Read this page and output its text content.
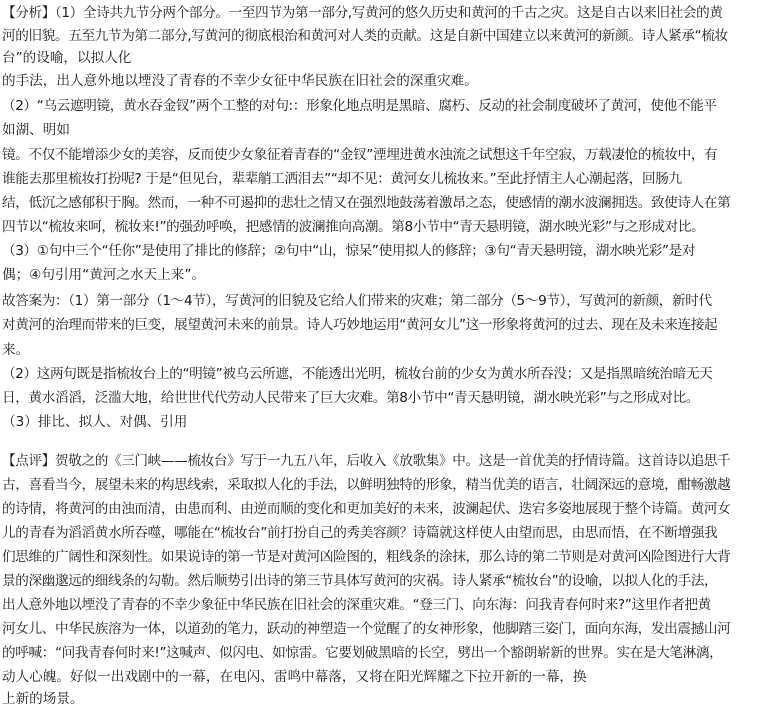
【分析】（1）全诗共九节分两个部分。一至四节为第一部分,写黄河的悠久历史和黄河的千古之灾。这是自古以来旧社会的黄
河的旧貌。五至九节为第二部分,写黄河的彻底根治和黄河对人类的贡献。这是自新中国建立以来黄河的新颜。诗人紧承“梳妆
台”的设喻，以拟人化
的手法，出人意外地以堙没了青春的不幸少女征中华民族在旧社会的深重灾难。
（2）“乌云遮明镜，黄水吞金钗”两个工整的对句:：形象化地点明是黑暗、腐朽、反动的社会制度破坏了黄河，使他不能平
如湖、明如
镜。不仅不能增添少女的美容，反而使少女象征着青春的“金钗”湮埋进黄水浊流之试想这千年空寂，万载凄怆的梳妆中，有
谁能去那里梳妆打扮呢? 于是“但见台，辈辈艄工洒泪去”“却不见：黄河女儿梳妆来。”至此抒情主人心潮起落，回肠九
结，低沉之感郁积于胸。然而，一种不可遏抑的悲壮之情又在强烈地鼓荡着激昂之态，使感情的潮水波澜拥迭。致使诗人在第
四节以“梳妆来呵，梳妆来!”的强劲呼唤，把感情的波澜推向高潮。第8小节中“青天悬明镜，湖水映光彩”与之形成对比。
（3）①句中三个“任你”是使用了排比的修辞；②句中“山，惊呆”使用拟人的修辞；③句“青天悬明镜，湖水映光彩”是对
偶；④句引用“黄河之水天上来”。
故答案为：（1）第一部分（1～4节），写黄河的旧貌及它给人们带来的灾难；第二部分（5～9节），写黄河的新颜，新时代
对黄河的治理而带来的巨变，展望黄河未来的前景。诗人巧妙地运用“黄河女儿”这一形象将黄河的过去、现在及未来连接起
来。
（2）这两句既是指梳妆台上的“明镜”被乌云所遮，不能透出光明，梳妆台前的少女为黄水所吞没；又是指黑暗统治暗无天
日，黄水滔滔，泛滥大地，给世世代代劳动人民带来了巨大灾难。第8小节中“青天悬明镜，湖水映光彩”与之形成对比。
（3）排比、拟人、对偶、引用
【点评】贺敬之的《三门峡——梳妆台》写于一九五八年，后收入《放歌集》中。这是一首优美的抒情诗篇。这首诗以追思千
古，喜看当今，展望未来的构思线索，采取拟人化的手法，以鲜明独特的形象，精当优美的语言，壮阔深远的意境，酣畅激越
的诗情，将黄河的由浊而清，由患而利、由逆而顺的变化和更加美好的未来，波澜起伏、迭宕多姿地展现于整个诗篇。黄河女
儿的青春为滔滔黄水所吞噬，哪能在“梳妆台”前打扮自己的秀美容颜？诗篇就这样使人由望而思，由思而悟，在不断增强我
们思维的广阔性和深刻性。如果说诗的第一节是对黄河凶险图的，粗线条的涂抹，那么诗的第二节则是对黄河凶险图进行大背
景的深幽邈远的细线条的勾勒。然后顺势引出诗的第三节具体写黄河的灾祸。诗人紧承“梳妆台”的设喻，以拟人化的手法，
出人意外地以堙没了青春的不幸少象征中华民族在旧社会的深重灾难。“登三门、向东海：问我青春何时来?”这里作者把黄
河女儿、中华民族溶为一体，以道劲的笔力，跃动的神塑造一个觉醒了的女神形象，他脚踏三姿门，面向东海，发出震撼山河
的呼喊：“问我青春何时来!”这喊声、似闪电、如惊雷。它要划破黑暗的长空，劈出一个豁朗崭新的世界。实在是大笔淋漓，
动人心魄。好似一出戏剧中的一幕，在电闪、雷鸣中幕落，又将在阳光辉耀之下拉开新的一幕，换
上新的场景。
